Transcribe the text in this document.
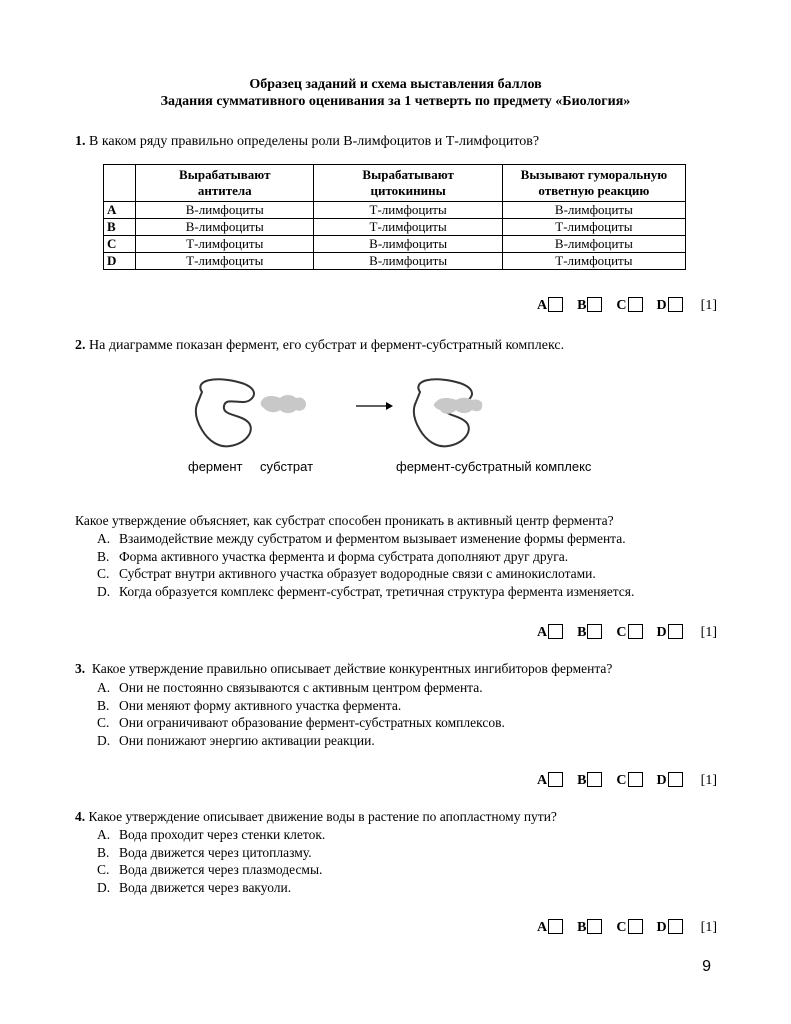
Образец заданий и схема выставления баллов
Задания суммативного оценивания за 1 четверть по предмету «Биология»
1. В каком ряду правильно определены роли В-лимфоцитов и Т-лимфоцитов?
	Вырабатывают антитела	Вырабатывают цитокинины	Вызывают гуморальную ответную реакцию
A	В-лимфоциты	Т-лимфоциты	В-лимфоциты
B	В-лимфоциты	Т-лимфоциты	Т-лимфоциты
C	Т-лимфоциты	В-лимфоциты	В-лимфоциты
D	Т-лимфоциты	В-лимфоциты	Т-лимфоциты
A B C D [1]
2. На диаграмме показан фермент, его субстрат и фермент-субстратный комплекс.
фермент субстрат	фермент-субстратный комплекс
Какое утверждение объясняет, как субстрат способен проникать в активный центр фермента?
A. Взаимодействие между субстратом и ферментом вызывает изменение формы фермента.
B. Форма активного участка фермента и форма субстрата дополняют друг друга.
C. Субстрат внутри активного участка образует водородные связи с аминокислотами.
D. Когда образуется комплекс фермент-субстрат, третичная структура фермента изменяется.
A B C D [1]
3. Какое утверждение правильно описывает действие конкурентных ингибиторов фермента?
A. Они не постоянно связываются с активным центром фермента.
B. Они меняют форму активного участка фермента.
C. Они ограничивают образование фермент-субстратных комплексов.
D. Они понижают энергию активации реакции.
A B C D [1]
4. Какое утверждение описывает движение воды в растение по апопластному пути?
A. Вода проходит через стенки клеток.
B. Вода движется через цитоплазму.
C. Вода движется через плазмодесмы.
D. Вода движется через вакуоли.
A B C D [1]
9
